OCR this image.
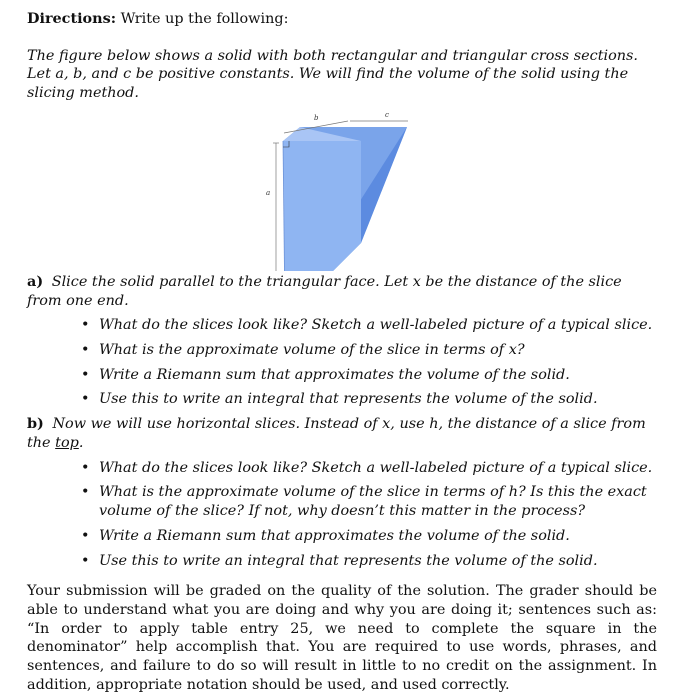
Directions: Write up the following:

The figure below shows a solid with both rectangular and triangular cross sections. Let a, b, and c be positive constants. We will find the volume of the solid using the slicing method.
a
b	c
a) Slice the solid parallel to the triangular face. Let x be the distance of the slice from one end.
• What do the slices look like? Sketch a well-labeled picture of a typical slice.
• What is the approximate volume of the slice in terms of x?
• Write a Riemann sum that approximates the volume of the solid.
• Use this to write an integral that represents the volume of the solid.
b) Now we will use horizontal slices. Instead of x, use h, the distance of a slice from the top.
• What do the slices look like? Sketch a well-labeled picture of a typical slice.
• What is the approximate volume of the slice in terms of h? Is this the exact volume of the slice? If not, why doesn’t this matter in the process?
• Write a Riemann sum that approximates the volume of the solid.
• Use this to write an integral that represents the volume of the solid.
Your submission will be graded on the quality of the solution. The grader should be able to understand what you are doing and why you are doing it; sentences such as: “In order to apply table entry 25, we need to complete the square in the denominator” help accomplish that. You are required to use words, phrases, and sentences, and failure to do so will result in little to no credit on the assignment. In addition, appropriate notation should be used, and used correctly.
